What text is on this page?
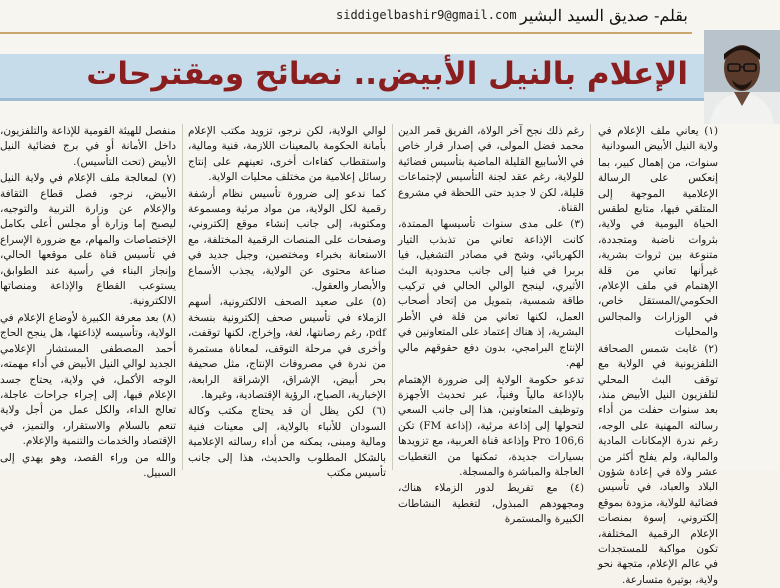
siddigelbashir9@gmail.com بقلم- صديق السيد البشير
الإعلام بالنيل الأبيض.. نصائح ومقترحات

(١) يعاني ملف الإعلام في ولاية النيل الأبيض السودانية

سنوات، من إهمال كبير، بما إنعكس على الرسالة الإعلامية الموجهة إلى المتلقي فيها، متابع لطقس الحياة اليومية في ولاية، بثروات ناضبة ومتجددة، متنوعة بين ثروات بشرية، غيرأنها تعاني من قلة الإهتمام في ملف الإعلام، الحكومي/المستقل خاص، في الوزارات والمجالس والمحليات

(٢) غابت شمس الصحافة التلفزيونية في الولاية مع توقف البث المحلي لتلفزيون النيل الأبيض منذ، بعد سنوات حفلت من أداء رسالته المهنية على الوجه، رغم ندرة الإمكانات المادية والمالية، ولم يفلح أكثر من عشر ولاة في إعادة شؤون البلاد والعباد، في تأسيس فضائية للولاية، مزودة بموقع إلكتروني، إسوة بمنصات الإعلام الرقمية المختلفة، تكون مواكبة للمستجدات في عالم الإعلام، متجهة نحو ولاية، بوتيرة متسارعة.

رغم ذلك نجح آخر الولاة، الفريق قمر الدين محمد فضل المولى، في إصدار قرار خاص في الأسابيع القليلة الماضية بتأسيس فضائية للولاية، رغم عقد لجنة التأسيس لإجتماعات قليلة، لكن لا جديد حتى اللحظة في مشروع القناة.

(٣) على مدى سنوات تأسيسها الممتدة، كانت الإذاعة تعاني من تذبذب التيار الكهربائي، وشح في مصادر التشغيل، فيا بربرا في فنيا إلى جانب محدودية البث الأثيري، لينجح الوالي الحالي في تركيب طاقة شمسية، بتمويل من إتحاد أصحاب العمل، لكنها تعاني من قلة في الأطر البشرية، إذ هناك إعتماد على المتعاونين في الإنتاج البرامجي، بدون دفع حقوقهم مالي لهم.

تدعو حكومة الولاية إلى ضرورة الإهتمام بالإذاعة مالياً وفنياً، عبر تحديث الأجهزة وتوظيف المتعاونين، هذا إلى جانب السعي لتحولها إلى إذاعة مرئية، (إذاعة FM) تكن Pro 106,6 وإذاعة قناة العربية، مع تزويدها بسيارات جديدة، تمكنها من التغطيات العاجلة والمباشرة والمسجلة.

(٤) مع تفريط لدور الزملاء هناك، ومجهودهم المبذول، لتغطية النشاطات الكبيرة والمستمرة

لوالي الولاية، لكن نرجو، تزويد مكتب الإعلام بأمانة الحكومة بالمعينات اللازمة، فنية ومالية، واستقطاب كفاءات أخرى، تعينهم على إنتاج رسائل إعلامية من مختلف محليات الولاية.

كما ندعو إلى ضرورة تأسيس نظام أرشفة رقمية لكل الولاية، من مواد مرئية ومسموعة ومكتوبة، إلى جانب إنشاء موقع إلكتروني، وصفحات على المنصات الرقمية المختلفة، مع الاستعانة بخبراء ومختصين، وجيل جديد في صناعة محتوى عن الولاية، يجذب الأسماع والأبصار والعقول.

(٥) على صعيد الصحف الالكترونية، أسهم الزملاء في تأسيس صحف إلكترونية بنسخة pdf، رغم رصانتها، لغة، وإخراج، لكنها توقفت، وأخرى في مرحلة التوقف، لمعاناة مستمرة من ندرة في مصروفات الإنتاج، مثل صحيفة بحر أبيض، الإشراق، الإشراقة الرابعة، الإخبارية، الصباح، الرؤية الإقتصادية، وغيرها.

(٦) لكن يظل أن قد يحتاج مكتب وكالة السودان للأنباء بالولاية، إلى معينات فنية ومالية ومبنى، يمكنه من أداء رسالته الإعلامية بالشكل المطلوب والحديث، هذا إلى جانب تأسيس مكتب

منفصل للهيئة القومية للإذاعة والتلفزيون، داخل الأمانة أو في برج فضائية النيل الأبيض (تحت التأسيس).

(٧) لمعالجة ملف الإعلام في ولاية النيل الأبيض، نرجو، فصل قطاع الثقافة والإعلام عن وزارة التربية والتوجيه، ليصبح إما وزارة أو مجلس أعلى بكامل الإختصاصات والمهام، مع ضرورة الإسراع في تأسيس قناة على موقعها الحالي، وإنجاز البناء في رأسية عند الطوابق، يستوعب القطاع والإذاعة ومنصاتها الالكترونية.

(٨) بعد معرفة الكبيرة لأوضاع الإعلام في الولاية، وتأسيسه لإذاعتها، هل ينجح الحاج أحمد المصطفى المستشار الإعلامي الجديد لوالي النيل الأبيض في أداء مهمته، الوجه الأكمل، في ولاية، يحتاج جسد الإعلام فيها، إلى إجراء جراحات عاجلة، تعالج الداء، والكل عمل من أجل ولاية تنعم بالسلام والاستقرار، والتميز، في الإقتصاد والخدمات والتنمية والإعلام.

والله من وراء القصد، وهو يهدي إلى السبيل.
